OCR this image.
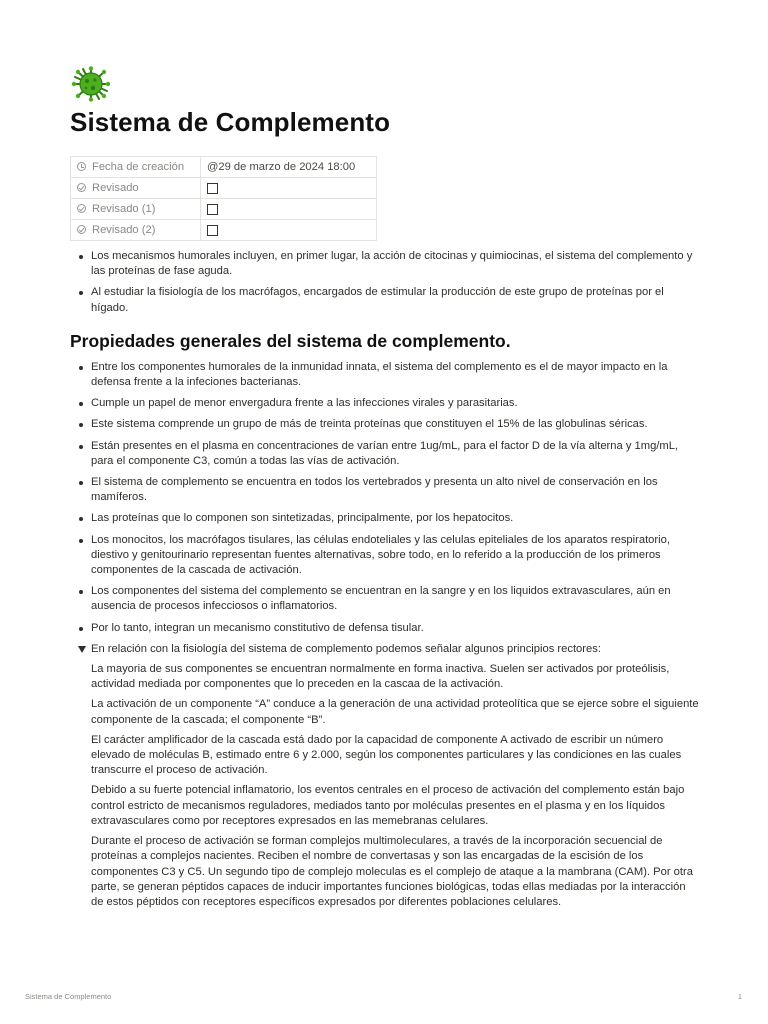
Sistema de Complemento
Fecha de creación	@29 de marzo de 2024 18:00
Revisado	
Revisado (1)	
Revisado (2)	
Los mecanismos humorales incluyen, en primer lugar, la acción de citocinas y quimiocinas, el sistema del complemento y las proteínas de fase aguda.
Al estudiar la fisiología de los macrófagos, encargados de estimular la producción de este grupo de proteínas por el hígado.
Propiedades generales del sistema de complemento.
Entre los componentes humorales de la inmunidad innata, el sistema del complemento es el de mayor impacto en la defensa frente a la infeciones bacterianas.
Cumple un papel de menor envergadura frente a las infecciones virales y parasitarias.
Este sistema comprende un grupo de más de treinta proteínas que constituyen el 15% de las globulinas séricas.
Están presentes en el plasma en concentraciones de varían entre 1ug/mL, para el factor D de la vía alterna y 1mg/mL, para el componente C3, común a todas las vías de activación.
El sistema de complemento se encuentra en todos los vertebrados y presenta un alto nivel de conservación en los mamíferos.
Las proteínas que lo componen son sintetizadas, principalmente, por los hepatocitos.
Los monocitos, los macrófagos tisulares, las células endoteliales y las celulas epiteliales de los aparatos respiratorio, diestivo y genitourinario representan fuentes alternativas, sobre todo, en lo referido a la producción de los primeros componentes de la cascada de activación.
Los componentes del sistema del complemento se encuentran en la sangre y en los liquidos extravasculares, aún en ausencia de procesos infecciosos o inflamatorios.
Por lo tanto, integran un mecanismo constitutivo de defensa tisular.
En relación con la fisiología del sistema de complemento podemos señalar algunos principios rectores:

La mayoria de sus componentes se encuentran normalmente en forma inactiva. Suelen ser activados por proteólisis, actividad mediada por componentes que lo preceden en la cascaa de la activación.

La activación de un componente “A” conduce a la generación de una actividad proteolítica que se ejerce sobre el siguiente componente de la cascada; el componente “B”.

El carácter amplificador de la cascada está dado por la capacidad de componente A activado de escribir un número elevado de moléculas B, estimado entre 6 y 2.000, según los componentes particulares y las condiciones en las cuales transcurre el proceso de activación.

Debido a su fuerte potencial inflamatorio, los eventos centrales en el proceso de activación del complemento están bajo control estricto de mecanismos reguladores, mediados tanto por moléculas presentes en el plasma y en los líquidos extravasculares como por receptores expresados en las memebranas celulares.

Durante el proceso de activación se forman complejos multimoleculares, a través de la incorporación secuencial de proteínas a complejos nacientes. Reciben el nombre de convertasas y son las encargadas de la escisión de los componentes C3 y C5. Un segundo tipo de complejo moleculas es el complejo de ataque a la mambrana (CAM). Por otra parte, se generan péptidos capaces de inducir importantes funciones biológicas, todas ellas mediadas por la interacción de estos péptidos con receptores específicos expresados por diferentes poblaciones celulares.

Sistema de Complemento	1
